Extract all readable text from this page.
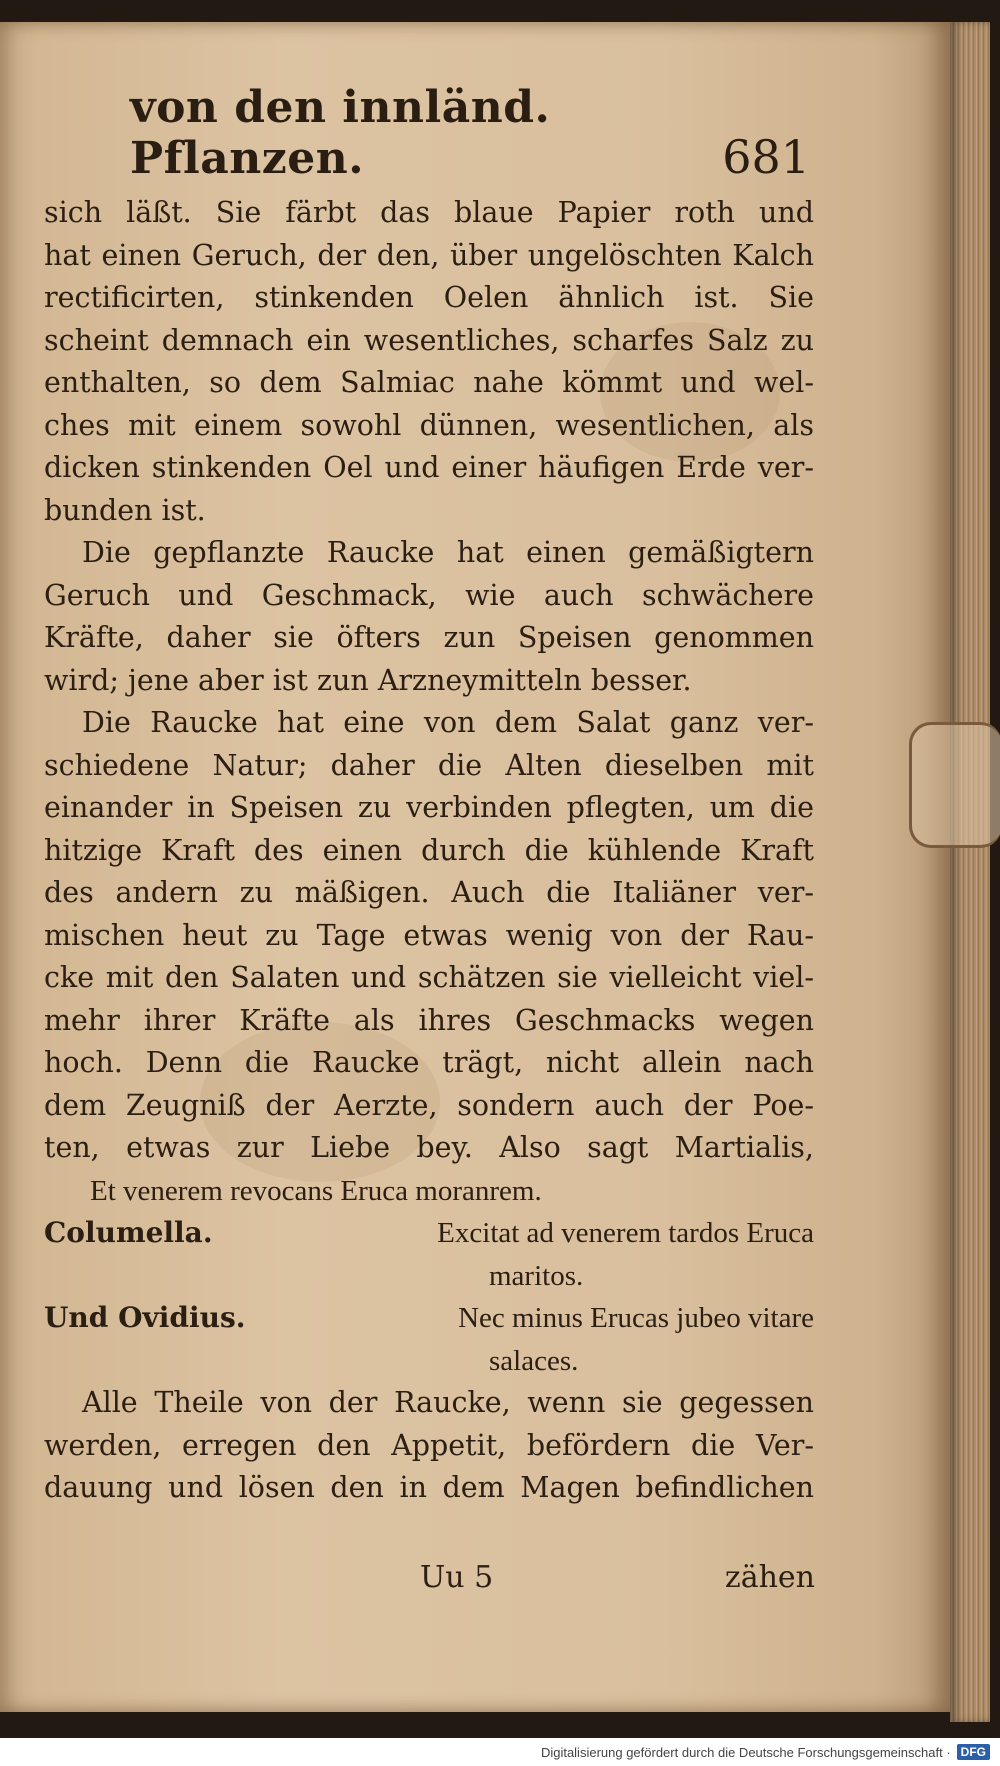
von den innländ. Pflanzen.	681
sich läßt. Sie färbt das blaue Papier roth und
hat einen Geruch, der den, über ungelöschten Kalch
rectificirten, stinkenden Oelen ähnlich ist. Sie
scheint demnach ein wesentliches, scharfes Salz zu
enthalten, so dem Salmiac nahe kömmt und wel-
ches mit einem sowohl dünnen, wesentlichen, als
dicken stinkenden Oel und einer häufigen Erde ver-
bunden ist.
Die gepflanzte Raucke hat einen gemäßigtern
Geruch und Geschmack, wie auch schwächere
Kräfte, daher sie öfters zun Speisen genommen
wird; jene aber ist zun Arzneymitteln besser.
Die Raucke hat eine von dem Salat ganz ver-
schiedene Natur; daher die Alten dieselben mit
einander in Speisen zu verbinden pflegten, um die
hitzige Kraft des einen durch die kühlende Kraft
des andern zu mäßigen. Auch die Italiäner ver-
mischen heut zu Tage etwas wenig von der Rau-
cke mit den Salaten und schätzen sie vielleicht viel-
mehr ihrer Kräfte als ihres Geschmacks wegen
hoch. Denn die Raucke trägt, nicht allein nach
dem Zeugniß der Aerzte, sondern auch der Poe-
ten, etwas zur Liebe bey. Also sagt Martialis,
Et venerem revocans Eruca moranrem.
Columella.	Excitat ad venerem tardos Eruca
maritos.
Und Ovidius.	Nec minus Erucas jubeo vitare
salaces.
Alle Theile von der Raucke, wenn sie gegessen
werden, erregen den Appetit, befördern die Ver-
dauung und lösen den in dem Magen befindlichen
Uu 5	zähen
Digitalisierung gefördert durch die Deutsche Forschungsgemeinschaft · DFG
